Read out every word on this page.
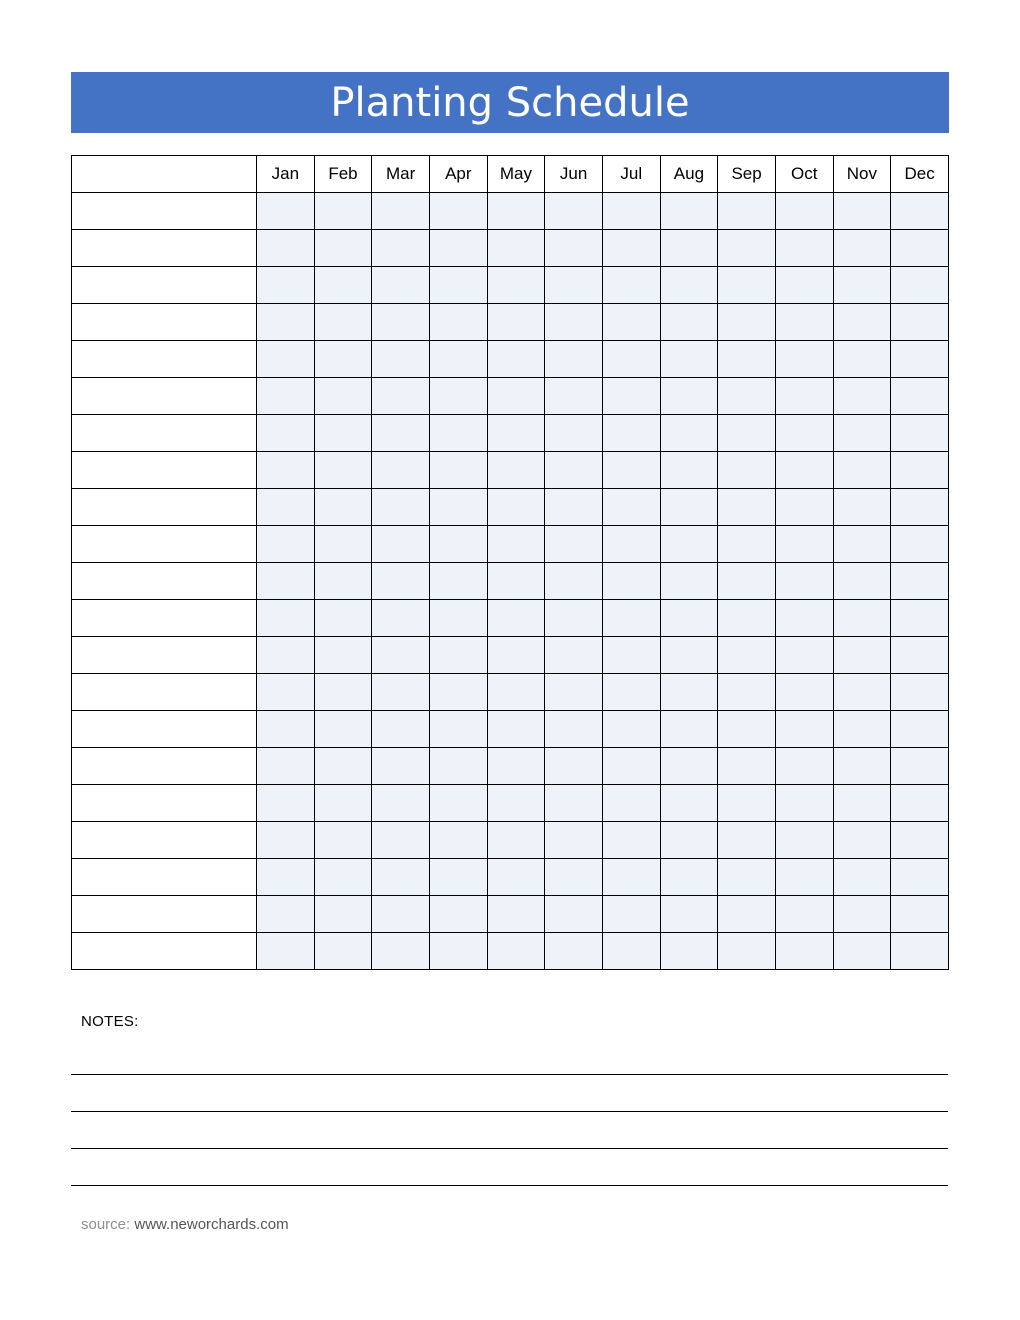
Planting Schedule
	Jan	Feb	Mar	Apr	May	Jun	Jul	Aug	Sep	Oct	Nov	Dec

NOTES:
source: www.neworchards.com
